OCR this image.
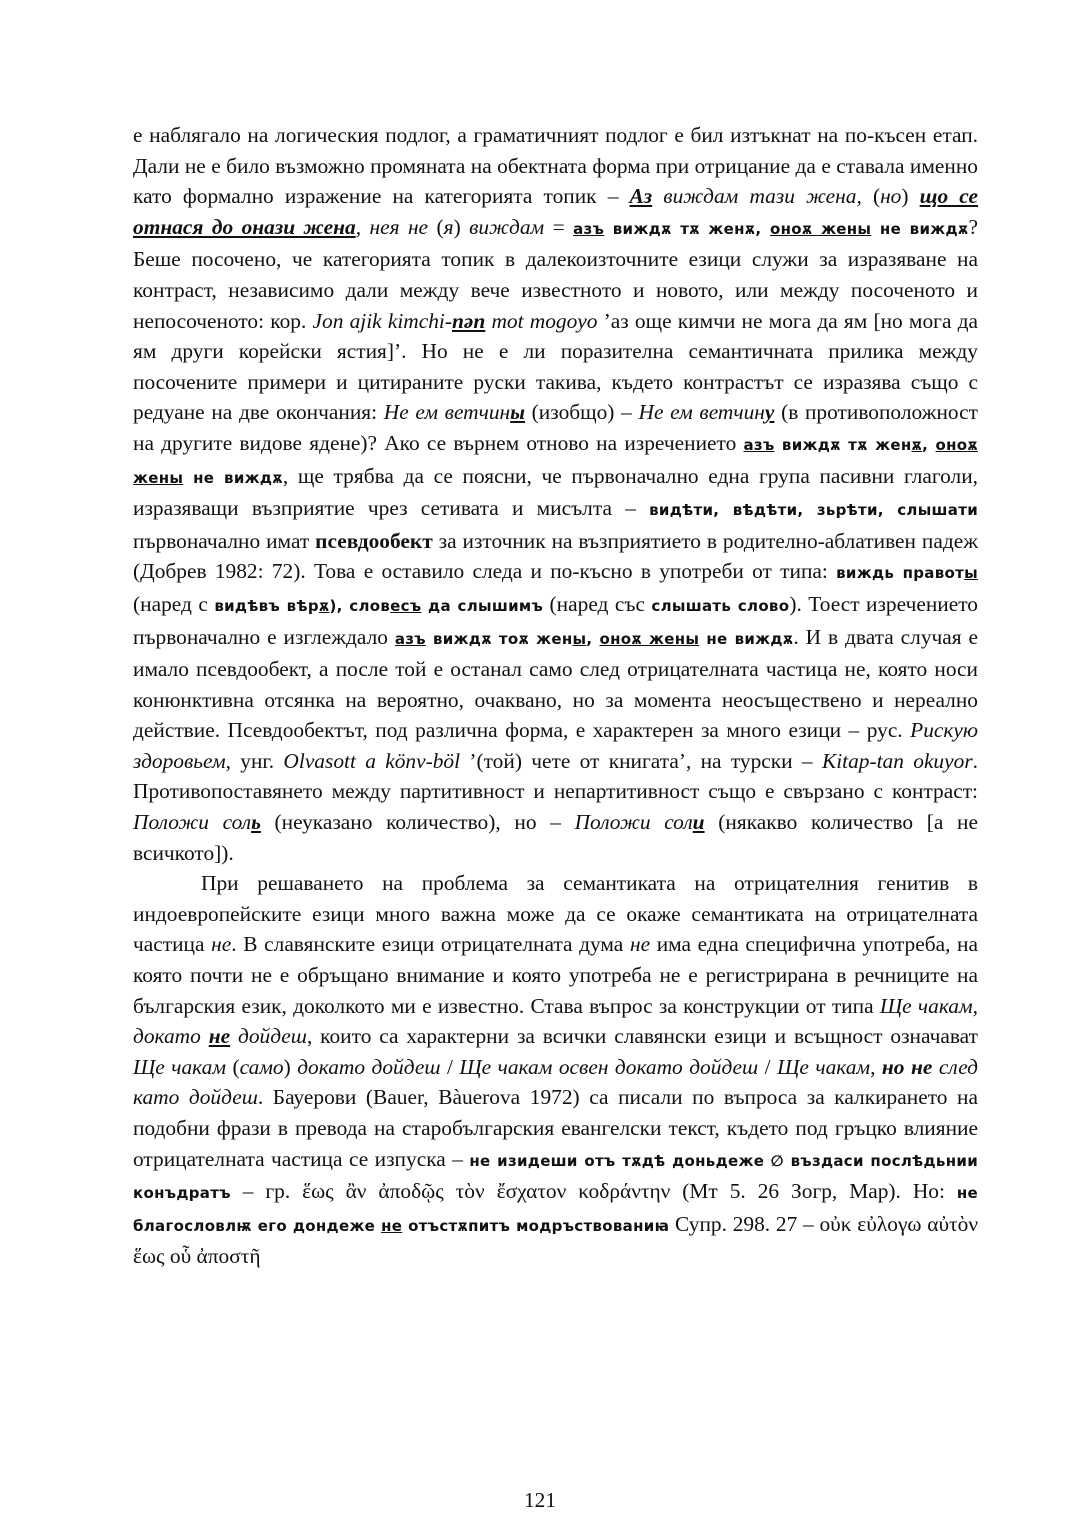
е наблягало на логическия подлог, а граматичният подлог е бил изтъкнат на по-късен етап. Дали не е било възможно промяната на обектната форма при отрицание да е ставала именно като формално изражение на категорията топик – Аз виждам тази жена, (но) що се отнася до онази жена, нея не (я) виждам = азъ виждѫ тѫ женѫ, оноѫ жены не виждѫ? Беше посочено, че категорията топик в далекоизточните езици служи за изразяване на контраст, независимо дали между вече известното и новото, или между посоченото и непосоченото: кор. Jon ajik kimchi-nən mot mogoyo ’аз още кимчи не мога да ям [но мога да ям други корейски ястия]’. Но не е ли поразителна семантичната прилика между посочените примери и цитираните руски такива, където контрастът се изразява също с редуане на две окончания: Не ем ветчины (изобщо) – Не ем ветчину (в противоположност на другите видове ядене)? Ако се върнем отново на изречението азъ виждѫ тѫ женѫ, оноѫ жены не виждѫ, ще трябва да се поясни, че първоначално една група пасивни глаголи, изразяващи възприятие чрез сетивата и мисълта – видѣти, вѣдѣти, зьрѣти, слышати първоначално имат псевдообект за източник на възприятието в родително-аблативен падеж (Добрев 1982: 72). Това е оставило следа и по-късно в употреби от типа: виждь правоты (наред с видѣвъ вѣрѫ), словесъ да слышимъ (наред със слышать слово). Тоест изречението първоначално е изглеждало азъ виждѫ тоѫ жены, оноѫ жены не виждѫ. И в двата случая е имало псевдообект, а после той е останал само след отрицателната частица не, която носи конюнктивна отсянка на вероятно, очаквано, но за момента неосъществено и нереално действие. Псевдообектът, под различна форма, е характерен за много езици – рус. Рискую здоровьем, унг. Olvasott a könv-böl ’(той) чете от книгата’, на турски – Kitap-tan okuyor. Противопоставянето между партитивност и непартитивност също е свързано с контраст: Положи соль (неуказано количество), но – Положи соли (някакво количество [а не всичкото]).

При решаването на проблема за семантиката на отрицателния генитив в индоевропейските езици много важна може да се окаже семантиката на отрицателната частица не. В славянските езици отрицателната дума не има една специфична употреба, на която почти не е обръщано внимание и която употреба не е регистрирана в речниците на българския език, доколкото ми е известно. Става въпрос за конструкции от типа Ще чакам, докато не дойдеш, които са характерни за всички славянски езици и всъщност означават Ще чакам (само) докато дойдеш / Ще чакам освен докато дойдеш / Ще чакам, но не след като дойдеш. Бауерови (Bauer, Bàuerova 1972) са писали по въпроса за калкирането на подобни фрази в превода на старобългарския евангелски текст, където под гръцко влияние отрицателната частица се изпуска – не изидеши отъ тѫдѣ доньдеже ∅ въздаси послѣдьнии конъдратъ – гр. ἕως ἂν ἀποδῷς τὸν ἔσχατον κοδράντην (Мт 5. 26 Зогр, Мар). Но: не благословлѭ его дондеже не отъстѫпитъ модръствованиꙗ Супр. 298. 27 – οὐκ εὐλογω αὐτὸν ἕως οὗ ἀποστῆ

121
